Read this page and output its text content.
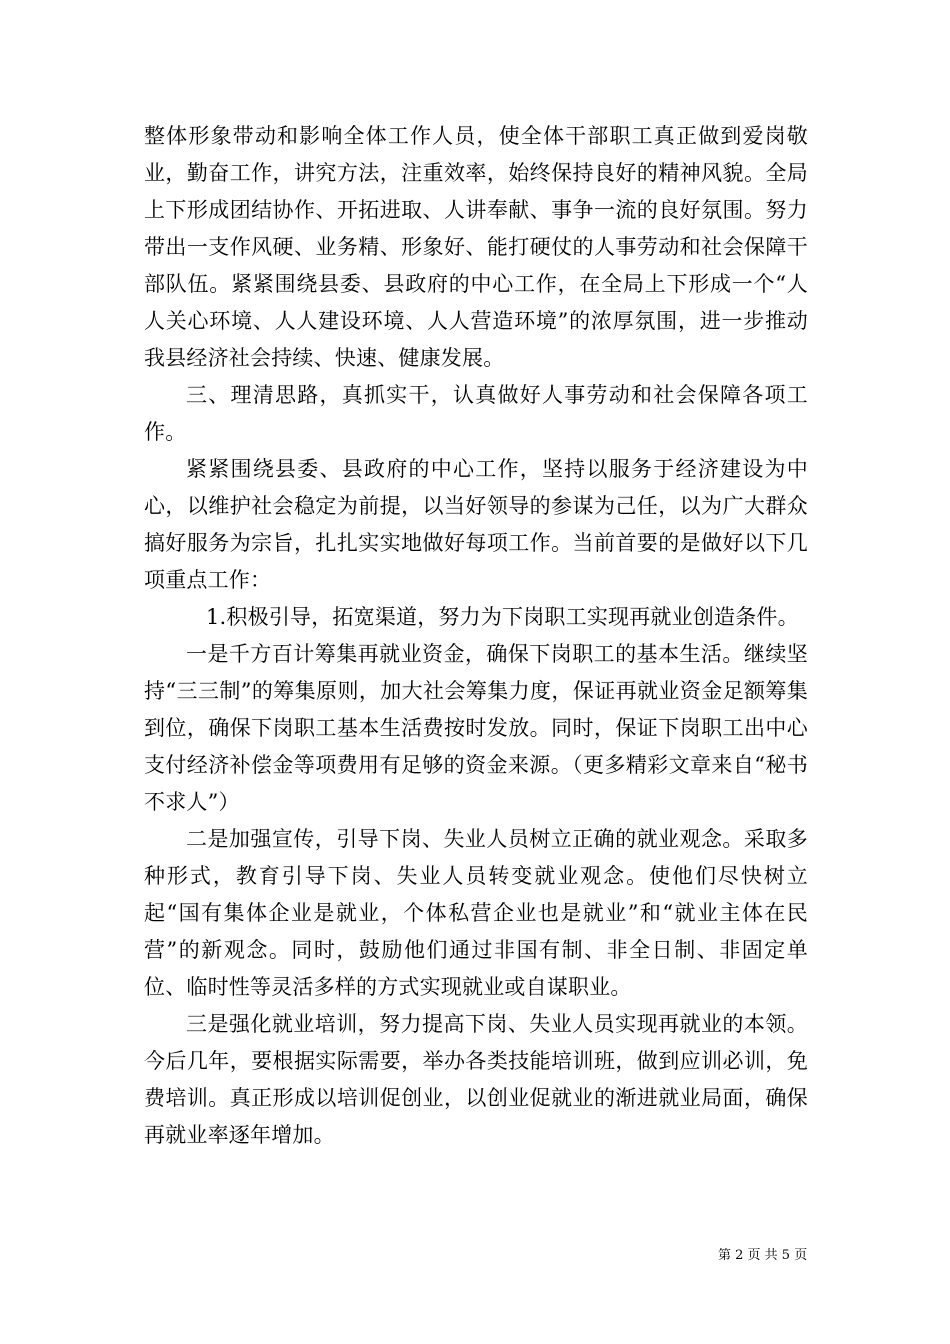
整体形象带动和影响全体工作人员，使全体干部职工真正做到爱岗敬业，勤奋工作，讲究方法，注重效率，始终保持良好的精神风貌。全局上下形成团结协作、开拓进取、人讲奉献、事争一流的良好氛围。努力带出一支作风硬、业务精、形象好、能打硬仗的人事劳动和社会保障干部队伍。紧紧围绕县委、县政府的中心工作，在全局上下形成一个“人人关心环境、人人建设环境、人人营造环境”的浓厚氛围，进一步推动我县经济社会持续、快速、健康发展。

三、理清思路，真抓实干，认真做好人事劳动和社会保障各项工作。

紧紧围绕县委、县政府的中心工作，坚持以服务于经济建设为中心，以维护社会稳定为前提，以当好领导的参谋为己任，以为广大群众搞好服务为宗旨，扎扎实实地做好每项工作。当前首要的是做好以下几项重点工作：

1.积极引导，拓宽渠道，努力为下岗职工实现再就业创造条件。

一是千方百计筹集再就业资金，确保下岗职工的基本生活。继续坚持“三三制”的筹集原则，加大社会筹集力度，保证再就业资金足额筹集到位，确保下岗职工基本生活费按时发放。同时，保证下岗职工出中心支付经济补偿金等项费用有足够的资金来源。（更多精彩文章来自“秘书不求人”）

二是加强宣传，引导下岗、失业人员树立正确的就业观念。采取多种形式，教育引导下岗、失业人员转变就业观念。使他们尽快树立起“国有集体企业是就业，个体私营企业也是就业”和“就业主体在民营”的新观念。同时，鼓励他们通过非国有制、非全日制、非固定单位、临时性等灵活多样的方式实现就业或自谋职业。

三是强化就业培训，努力提高下岗、失业人员实现再就业的本领。今后几年，要根据实际需要，举办各类技能培训班，做到应训必训，免费培训。真正形成以培训促创业，以创业促就业的渐进就业局面，确保再就业率逐年增加。

第 2 页 共 5 页
